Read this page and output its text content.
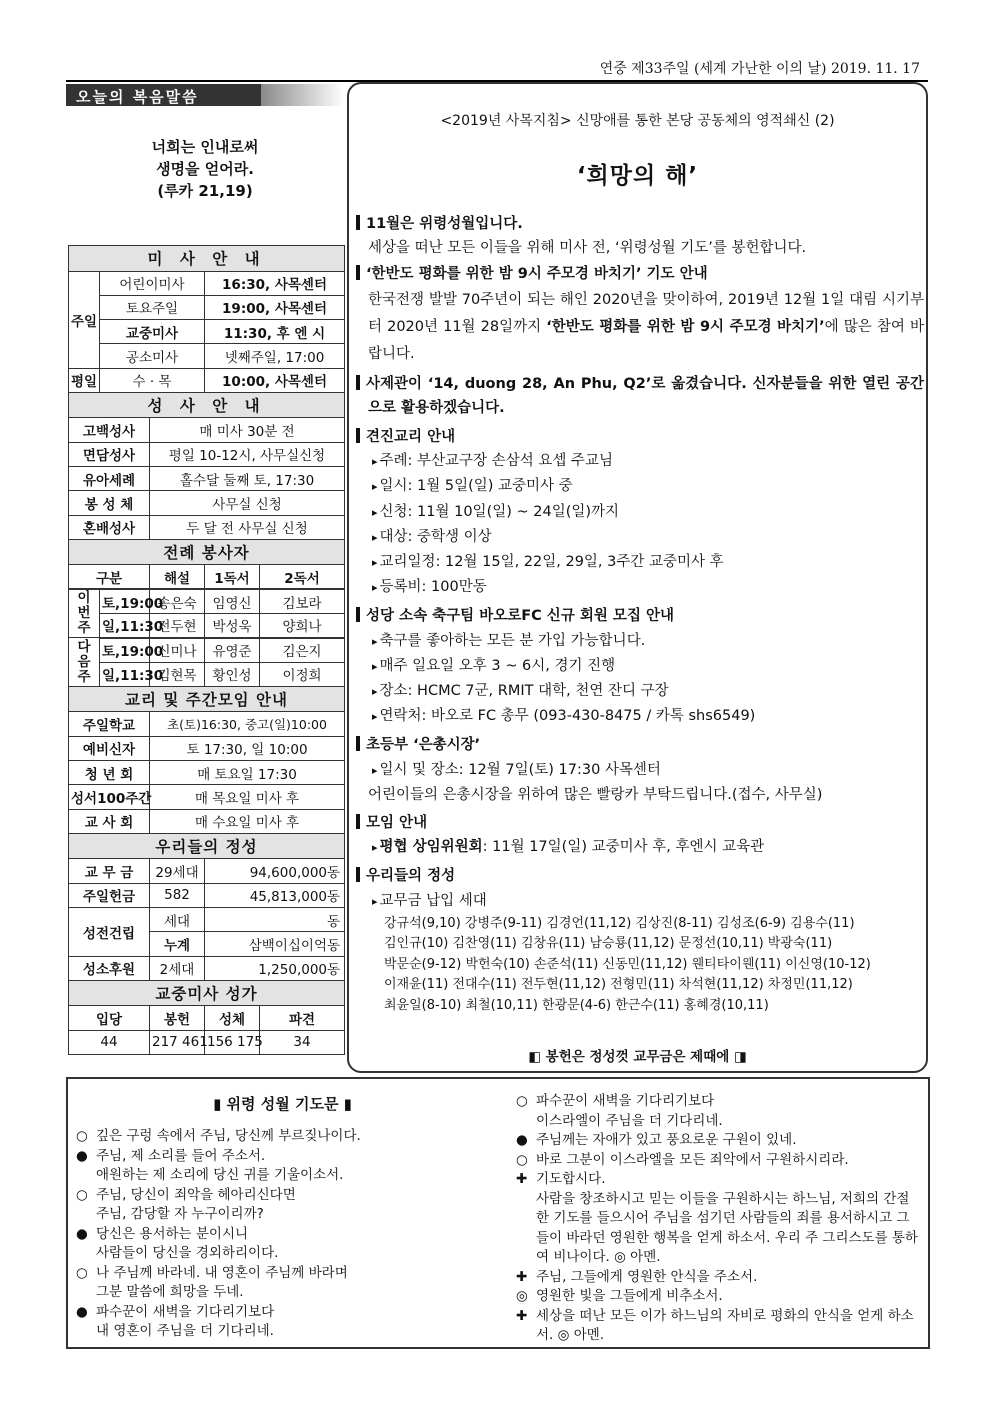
연중 제33주일 (세계 가난한 이의 날) 2019. 11. 17
오늘의 복음말씀
너희는 인내로써
생명을 얻어라.
(루카 21,19)
미 사 안 내				
주일	어린이미사		16:30, 사목센터	
	토요주일		19:00, 사목센터	
	교중미사		11:30, 후 엔 시	
	공소미사		넷째주일, 17:00	
평일	수 · 목		10:00, 사목센터	
성 사 안 내				
고백성사		매 미사 30분 전		
면담성사		평일 10-12시, 사무실신청		
유아세례		홀수달 둘째 토, 17:30		
봉 성 체		사무실 신청		
혼배성사		두 달 전 사무실 신청		
전례 봉사자				
구분		해설	1독서	2독서
이번주	토,19:00	송은숙	임영신	김보라
	일,11:30	전두현	박성욱	양희나
다음주	토,19:00	신미나	유영준	김은지
	일,11:30	김현목	황인성	이정희
교리 및 주간모임 안내				
주일학교		초(토)16:30, 중고(일)10:00		
예비신자		토 17:30, 일 10:00		
청 년 회		매 토요일 17:30		
성서100주간		매 목요일 미사 후		
교 사 회		매 수요일 미사 후		
우리들의 정성				
교 무 금		29세대	94,600,000동	
주일헌금		582	45,813,000동	
성전건립		세대	동	
		누계	삼백이십이억동	
성소후원		2세대	1,250,000동	
교중미사 성가				
입당		봉헌	성체	파견
44		217 461	156 175	34
<2019년 사목지침> 신망애를 통한 본당 공동체의 영적쇄신 (2)
‘희망의 해’
11월은 위령성월입니다.
세상을 떠난 모든 이들을 위해 미사 전, ‘위령성월 기도’를 봉헌합니다.
‘한반도 평화를 위한 밤 9시 주모경 바치기’ 기도 안내
한국전쟁 발발 70주년이 되는 해인 2020년을 맞이하여, 2019년 12월 1일 대림 시기부터 2020년 11월 28일까지 ‘한반도 평화를 위한 밤 9시 주모경 바치기’에 많은 참여 바랍니다.
사제관이 ‘14, duong 28, An Phu, Q2’로 옮겼습니다. 신자분들을 위한 열린 공간으로 활용하겠습니다.
견진교리 안내
▸ 주례: 부산교구장 손삼석 요셉 주교님
▸ 일시: 1월 5일(일) 교중미사 중
▸ 신청: 11월 10일(일) ~ 24일(일)까지
▸ 대상: 중학생 이상
▸ 교리일정: 12월 15일, 22일, 29일, 3주간 교중미사 후
▸ 등록비: 100만동
성당 소속 축구팀 바오로FC 신규 회원 모집 안내
▸ 축구를 좋아하는 모든 분 가입 가능합니다.
▸ 매주 일요일 오후 3 ~ 6시, 경기 진행
▸ 장소: HCMC 7군, RMIT 대학, 천연 잔디 구장
▸ 연락처: 바오로 FC 총무 (093-430-8475 / 카톡 shs6549)
초등부 ‘은총시장’
▸ 일시 및 장소: 12월 7일(토) 17:30 사목센터
어린이들의 은총시장을 위하여 많은 빨랑카 부탁드립니다.(접수, 사무실)
모임 안내
▸ 평협 상임위원회: 11월 17일(일) 교중미사 후, 후엔시 교육관
우리들의 정성
▸ 교무금 납입 세대
강규석(9,10) 강병주(9-11) 김경언(11,12) 김상진(8-11) 김성조(6-9) 김용수(11)
김인규(10) 김찬영(11) 김창유(11) 남승룡(11,12) 문정선(10,11) 박광숙(11)
박문순(9-12) 박헌숙(10) 손준석(11) 신동민(11,12) 웬티타이웬(11) 이신영(10-12)
이재윤(11) 전대수(11) 전두현(11,12) 전형민(11) 차석현(11,12) 차정민(11,12)
최윤일(8-10) 최철(10,11) 한광문(4-6) 한근수(11) 홍혜경(10,11)
◧ 봉헌은 정성껏 교무금은 제때에 ◨
▮ 위령 성월 기도문 ▮
○ 깊은 구렁 속에서 주님, 당신께 부르짖나이다.
● 주님, 제 소리를 들어 주소서.
애원하는 제 소리에 당신 귀를 기울이소서.
○ 주님, 당신이 죄악을 헤아리신다면
주님, 감당할 자 누구이리까?
● 당신은 용서하는 분이시니
사람들이 당신을 경외하리이다.
○ 나 주님께 바라네. 내 영혼이 주님께 바라며
그분 말씀에 희망을 두네.
● 파수꾼이 새벽을 기다리기보다
내 영혼이 주님을 더 기다리네.
○ 파수꾼이 새벽을 기다리기보다
이스라엘이 주님을 더 기다리네.
● 주님께는 자애가 있고 풍요로운 구원이 있네.
○ 바로 그분이 이스라엘을 모든 죄악에서 구원하시리라.
✚ 기도합시다.
사람을 창조하시고 믿는 이들을 구원하시는 하느님, 저희의 간절한 기도를 들으시어 주님을 섬기던 사람들의 죄를 용서하시고 그들이 바라던 영원한 행복을 얻게 하소서. 우리 주 그리스도를 통하여 비나이다. ◎ 아멘.
✚ 주님, 그들에게 영원한 안식을 주소서.
◎ 영원한 빛을 그들에게 비추소서.
✚ 세상을 떠난 모든 이가 하느님의 자비로 평화의 안식을 얻게 하소서. ◎ 아멘.
